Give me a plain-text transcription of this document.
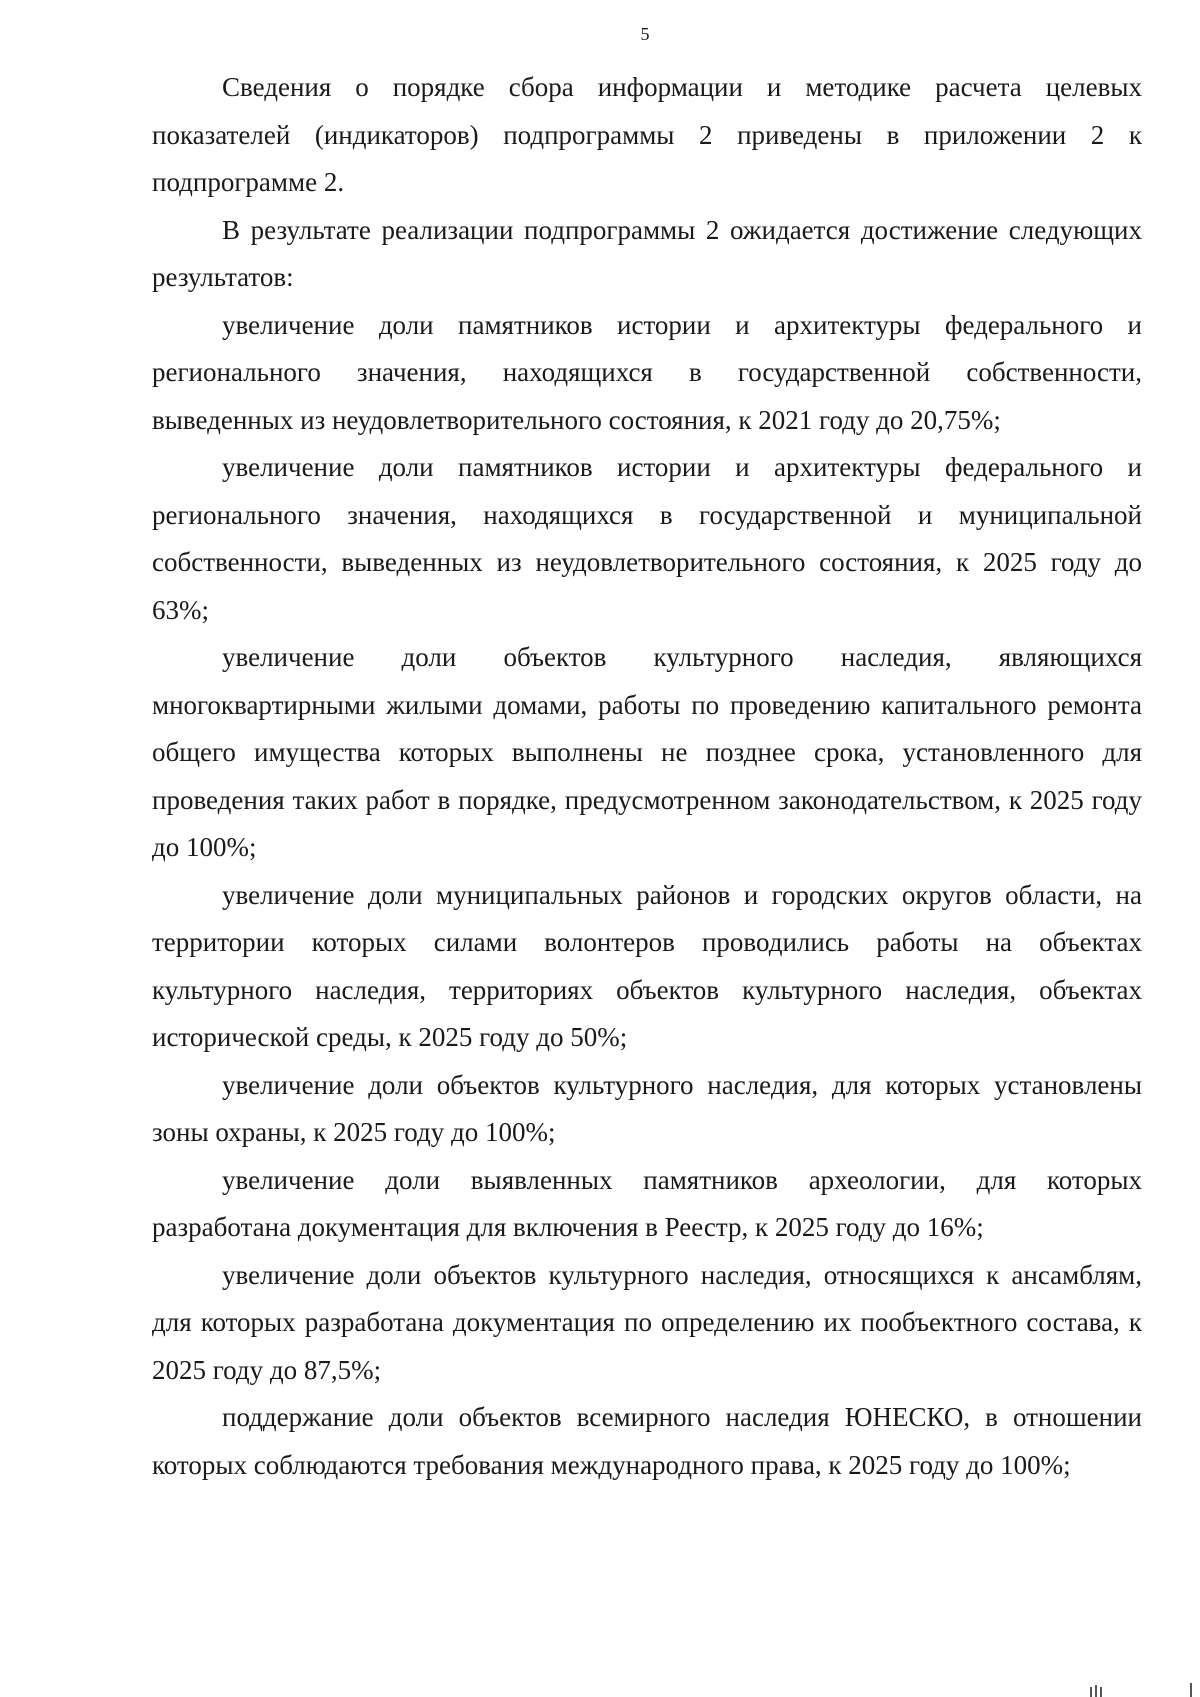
5

Сведения о порядке сбора информации и методике расчета целевых показателей (индикаторов) подпрограммы 2 приведены в приложении 2 к подпрограмме 2.

В результате реализации подпрограммы 2 ожидается достижение следующих результатов:

увеличение доли памятников истории и архитектуры федерального и регионального значения, находящихся в государственной собственности, выведенных из неудовлетворительного состояния, к 2021 году до 20,75%;

увеличение доли памятников истории и архитектуры федерального и регионального значения, находящихся в государственной и муниципальной собственности, выведенных из неудовлетворительного состояния, к 2025 году до 63%;

увеличение доли объектов культурного наследия, являющихся многоквартирными жилыми домами, работы по проведению капитального ремонта общего имущества которых выполнены не позднее срока, установленного для проведения таких работ в порядке, предусмотренном законодательством, к 2025 году до 100%;

увеличение доли муниципальных районов и городских округов области, на территории которых силами волонтеров проводились работы на объектах культурного наследия, территориях объектов культурного наследия, объектах исторической среды, к 2025 году до 50%;

увеличение доли объектов культурного наследия, для которых установлены зоны охраны, к 2025 году до 100%;

увеличение доли выявленных памятников археологии, для которых разработана документация для включения в Реестр, к 2025 году до 16%;

увеличение доли объектов культурного наследия, относящихся к ансамблям, для которых разработана документация по определению их пообъектного состава, к 2025 году до 87,5%;

поддержание доли объектов всемирного наследия ЮНЕСКО, в отношении которых соблюдаются требования международного права, к 2025 году до 100%;
